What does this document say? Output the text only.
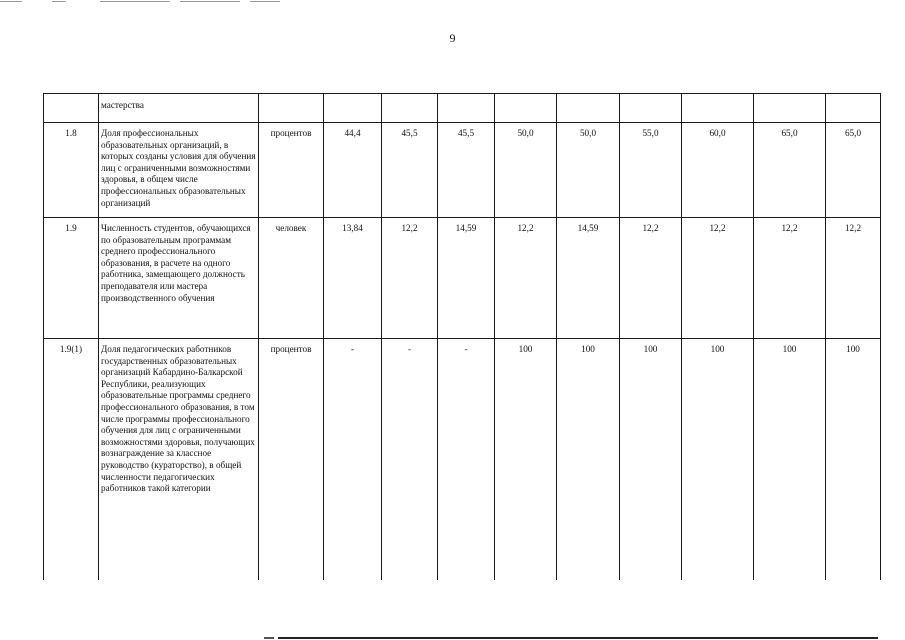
9
	мастерства										
1.8	Доля профессиональных образовательных организаций, в которых созданы условия для обучения лиц с ограниченными возможностями здоровья, в общем числе профессиональных образовательных организаций	процентов	44,4	45,5	45,5	50,0	50,0	55,0	60,0	65,0	65,0
1.9	Численность студентов, обучающихся по образовательным программам среднего профессионального образования, в расчете на одного работника, замещающего должность преподавателя или мастера производственного обучения	человек	13,84	12,2	14,59	12,2	14,59	12,2	12,2	12,2	12,2
1.9(1)	Доля педагогических работников государственных образовательных организаций Кабардино-Балкарской Республики, реализующих образовательные программы среднего профессионального образования, в том числе программы профессионального обучения для лиц с ограниченными возможностями здоровья, получающих вознаграждение за классное руководство (кураторство), в общей численности педагогических работников такой категории	процентов	-	-	-	100	100	100	100	100	100
